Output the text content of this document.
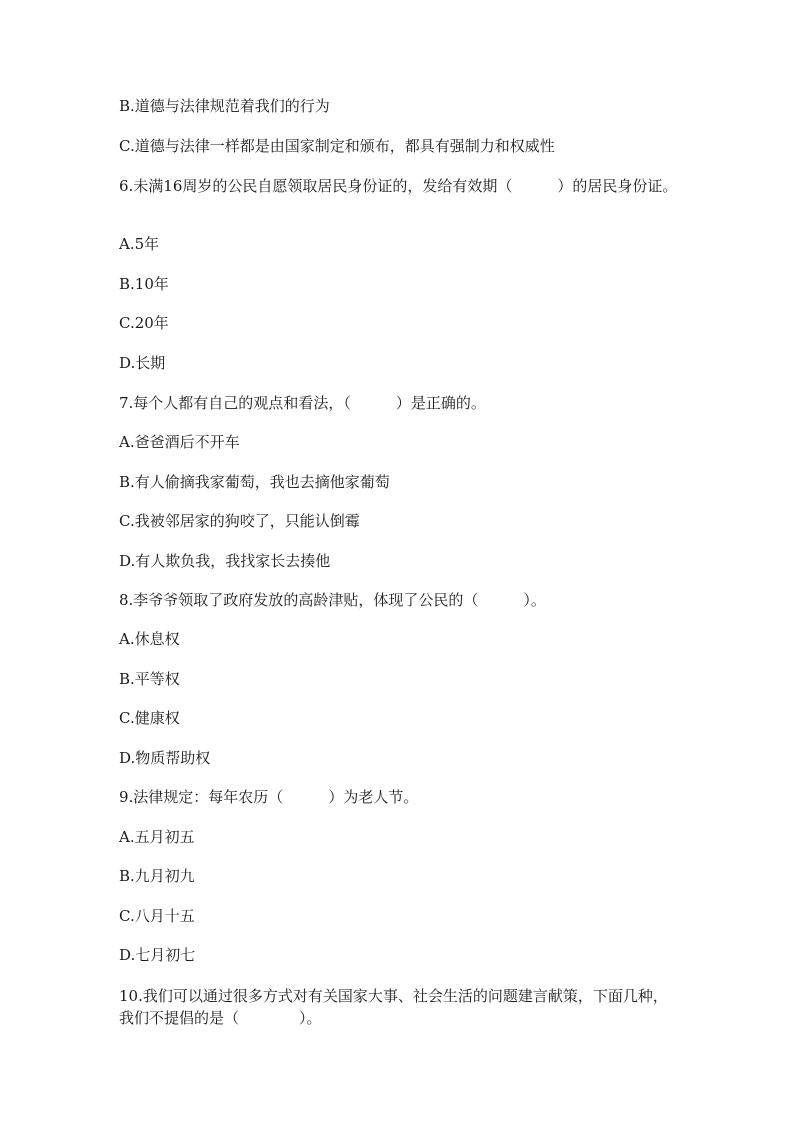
B.道德与法律规范着我们的行为
C.道德与法律一样都是由国家制定和颁布，都具有强制力和权威性
6.未满16周岁的公民自愿领取居民身份证的，发给有效期（　　　）的居民身份证。
A.5年
B.10年
C.20年
D.长期
7.每个人都有自己的观点和看法，（　　　）是正确的。
A.爸爸酒后不开车
B.有人偷摘我家葡萄，我也去摘他家葡萄
C.我被邻居家的狗咬了，只能认倒霉
D.有人欺负我，我找家长去揍他
8.李爷爷领取了政府发放的高龄津贴，体现了公民的（　　　）。
A.休息权
B.平等权
C.健康权
D.物质帮助权
9.法律规定：每年农历（　　　）为老人节。
A.五月初五
B.九月初九
C.八月十五
D.七月初七
10.我们可以通过很多方式对有关国家大事、社会生活的问题建言献策，下面几种，我们不提倡的是（　　　　）。
